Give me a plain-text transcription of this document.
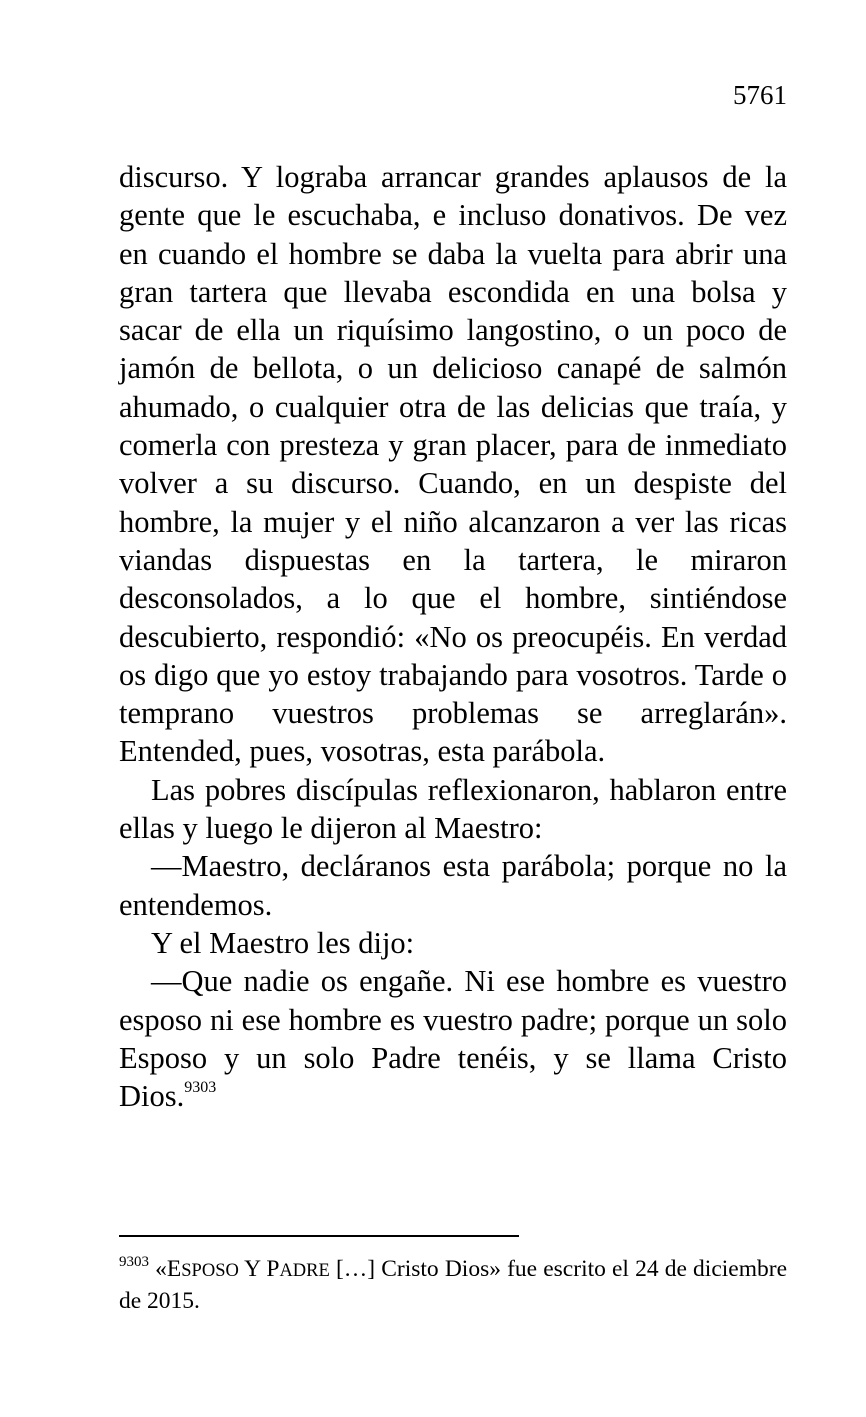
5761

discurso. Y lograba arrancar grandes aplausos de la gente que le escuchaba, e incluso donativos. De vez en cuando el hombre se daba la vuelta para abrir una gran tartera que llevaba escondida en una bolsa y sacar de ella un riquísimo langostino, o un poco de jamón de bellota, o un delicioso canapé de salmón ahumado, o cualquier otra de las delicias que traía, y comerla con presteza y gran placer, para de inmediato volver a su discurso. Cuando, en un despiste del hombre, la mujer y el niño alcanzaron a ver las ricas viandas dispuestas en la tartera, le miraron desconsolados, a lo que el hombre, sintiéndose descubierto, respondió: «No os preocupéis. En verdad os digo que yo estoy trabajando para vosotros. Tarde o temprano vuestros problemas se arreglarán». Entended, pues, vosotras, esta parábola.

Las pobres discípulas reflexionaron, hablaron entre ellas y luego le dijeron al Maestro:

—Maestro, decláranos esta parábola; porque no la entendemos.

Y el Maestro les dijo:

—Que nadie os engañe. Ni ese hombre es vuestro esposo ni ese hombre es vuestro padre; porque un solo Esposo y un solo Padre tenéis, y se llama Cristo Dios.$^{9303}$

$^{9303}$ «ESPOSO Y PADRE […] Cristo Dios» fue escrito el 24 de diciembre de 2015.
